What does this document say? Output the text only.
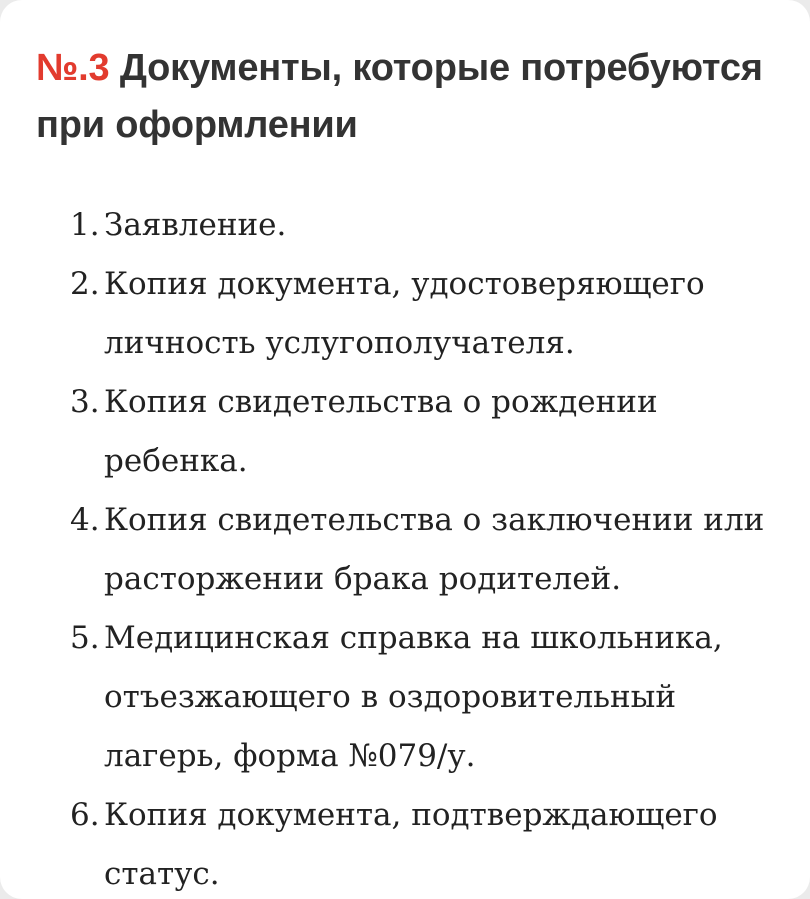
№.3 Документы, которые потребуются при оформлении
1. Заявление.
2. Копия документа, удостоверяющего личность услугополучателя.
3. Копия свидетельства о рождении ребенка.
4. Копия свидетельства о заключении или расторжении брака родителей.
5. Медицинская справка на школьника, отъезжающего в оздоровительный лагерь, форма №079/у.
6. Копия документа, подтверждающего статус.
